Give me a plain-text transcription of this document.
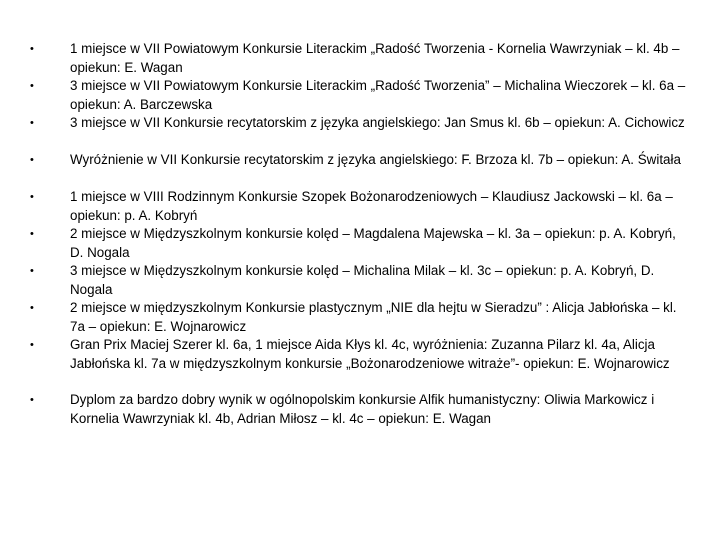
•	1 miejsce w VII Powiatowym Konkursie Literackim „Radość Tworzenia - Kornelia Wawrzyniak – kl. 4b – opiekun: E. Wagan
•	3 miejsce w VII Powiatowym Konkursie Literackim „Radość Tworzenia” – Michalina Wieczorek – kl. 6a – opiekun: A. Barczewska
•	3 miejsce w VII Konkursie recytatorskim z języka angielskiego: Jan Smus kl. 6b – opiekun: A. Cichowicz
•	Wyróżnienie w VII Konkursie recytatorskim z języka angielskiego: F. Brzoza kl. 7b – opiekun: A. Świtała
•	1 miejsce w VIII Rodzinnym Konkursie Szopek Bożonarodzeniowych – Klaudiusz Jackowski – kl. 6a – opiekun: p. A. Kobryń
•	2 miejsce w Międzyszkolnym konkursie kolęd – Magdalena Majewska – kl. 3a – opiekun: p. A. Kobryń, D. Nogala
•	3 miejsce w Międzyszkolnym konkursie kolęd – Michalina Milak – kl. 3c – opiekun: p. A. Kobryń, D. Nogala
•	2 miejsce w międzyszkolnym Konkursie plastycznym „NIE dla hejtu w Sieradzu” : Alicja Jabłońska – kl. 7a – opiekun: E. Wojnarowicz
•	Gran Prix Maciej Szerer kl. 6a, 1 miejsce Aida Kłys kl. 4c, wyróżnienia: Zuzanna Pilarz kl. 4a, Alicja Jabłońska kl. 7a w międzyszkolnym konkursie „Bożonarodzeniowe witraże”- opiekun: E. Wojnarowicz
•	Dyplom za bardzo dobry wynik w ogólnopolskim konkursie Alfik humanistyczny: Oliwia Markowicz i Kornelia Wawrzyniak kl. 4b, Adrian Miłosz – kl. 4c – opiekun: E. Wagan
